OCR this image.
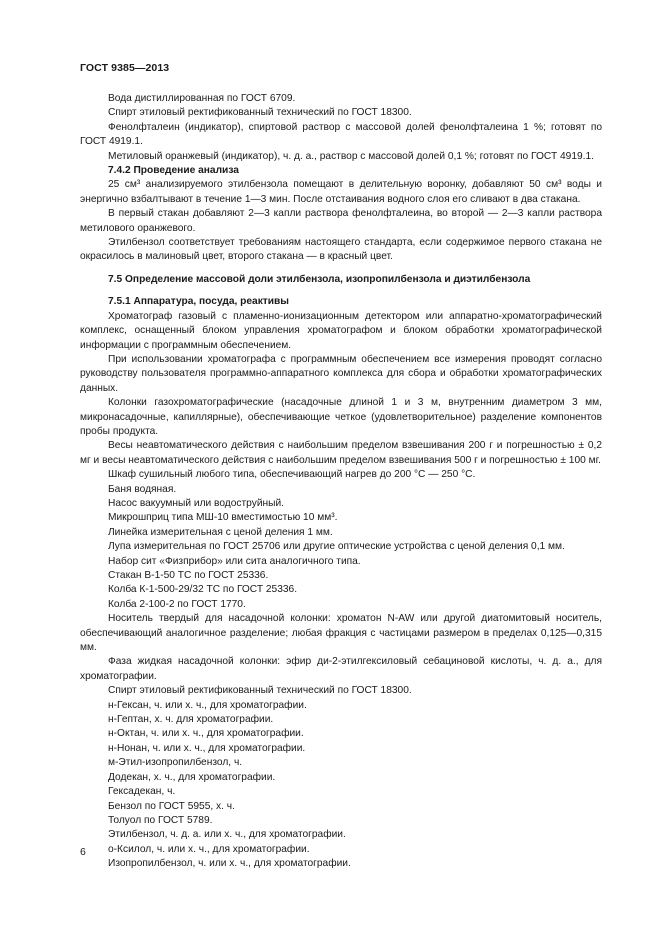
ГОСТ 9385—2013
Вода дистиллированная по ГОСТ 6709.
Спирт этиловый ректификованный технический по ГОСТ 18300.
Фенолфталеин (индикатор), спиртовой раствор с массовой долей фенолфталеина 1 %; готовят по ГОСТ 4919.1.
Метиловый оранжевый (индикатор), ч. д. а., раствор с массовой долей 0,1 %; готовят по ГОСТ 4919.1.
7.4.2 Проведение анализа
25 см³ анализируемого этилбензола помещают в делительную воронку, добавляют 50 см³ воды и энергично взбалтывают в течение 1—3 мин. После отстаивания водного слоя его сливают в два стакана.
В первый стакан добавляют 2—3 капли раствора фенолфталеина, во второй — 2—3 капли раствора метилового оранжевого.
Этилбензол соответствует требованиям настоящего стандарта, если содержимое первого стакана не окрасилось в малиновый цвет, второго стакана — в красный цвет.
7.5 Определение массовой доли этилбензола, изопропилбензола и диэтилбензола
7.5.1 Аппаратура, посуда, реактивы
Хроматограф газовый с пламенно-ионизационным детектором или аппаратно-хроматографический комплекс, оснащенный блоком управления хроматографом и блоком обработки хроматографической информации с программным обеспечением.
При использовании хроматографа с программным обеспечением все измерения проводят согласно руководству пользователя программно-аппаратного комплекса для сбора и обработки хроматографических данных.
Колонки газохроматографические (насадочные длиной 1 и 3 м, внутренним диаметром 3 мм, микронасадочные, капиллярные), обеспечивающие четкое (удовлетворительное) разделение компонентов пробы продукта.
Весы неавтоматического действия с наибольшим пределом взвешивания 200 г и погрешностью ± 0,2 мг и весы неавтоматического действия с наибольшим пределом взвешивания 500 г и погрешностью ± 100 мг.
Шкаф сушильный любого типа, обеспечивающий нагрев до 200 °С — 250 °С.
Баня водяная.
Насос вакуумный или водоструйный.
Микрошприц типа МШ-10 вместимостью 10 мм³.
Линейка измерительная с ценой деления 1 мм.
Лупа измерительная по ГОСТ 25706 или другие оптические устройства с ценой деления 0,1 мм.
Набор сит «Физприбор» или сита аналогичного типа.
Стакан В-1-50 ТС по ГОСТ 25336.
Колба К-1-500-29/32 ТС по ГОСТ 25336.
Колба 2-100-2 по ГОСТ 1770.
Носитель твердый для насадочной колонки: хроматон N-AW или другой диатомитовый носитель, обеспечивающий аналогичное разделение; любая фракция с частицами размером в пределах 0,125—0,315 мм.
Фаза жидкая насадочной колонки: эфир ди-2-этилгексиловый себациновой кислоты, ч. д. а., для хроматографии.
Спирт этиловый ректификованный технический по ГОСТ 18300.
н-Гексан, ч. или х. ч., для хроматографии.
н-Гептан, х. ч. для хроматографии.
н-Октан, ч. или х. ч., для хроматографии.
н-Нонан, ч. или х. ч., для хроматографии.
м-Этил-изопропилбензол, ч.
Додекан, х. ч., для хроматографии.
Гексадекан, ч.
Бензол по ГОСТ 5955, х. ч.
Толуол по ГОСТ 5789.
Этилбензол, ч. д. а. или х. ч., для хроматографии.
о-Ксилол, ч. или х. ч., для хроматографии.
Изопропилбензол, ч. или х. ч., для хроматографии.
6
